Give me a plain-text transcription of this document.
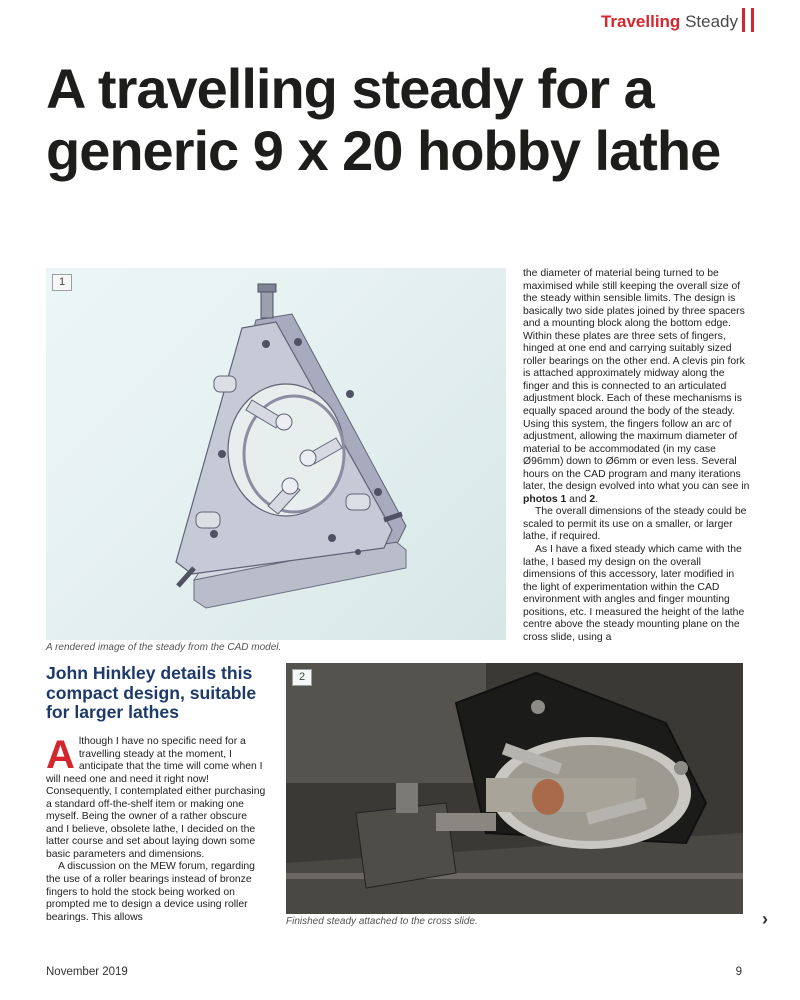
Travelling Steady
A travelling steady for a generic 9 x 20 hobby lathe
1
A rendered image of the steady from the CAD model.

the diameter of material being turned to be maximised while still keeping the overall size of the steady within sensible limits. The design is basically two side plates joined by three spacers and a mounting block along the bottom edge. Within these plates are three sets of fingers, hinged at one end and carrying suitably sized roller bearings on the other end. A clevis pin fork is attached approximately midway along the finger and this is connected to an articulated adjustment block. Each of these mechanisms is equally spaced around the body of the steady. Using this system, the fingers follow an arc of adjustment, allowing the maximum diameter of material to be accommodated (in my case Ø96mm) down to Ø6mm or even less. Several hours on the CAD program and many iterations later, the design evolved into what you can see in photos 1 and 2.

The overall dimensions of the steady could be scaled to permit its use on a smaller, or larger lathe, if required.

As I have a fixed steady which came with the lathe, I based my design on the overall dimensions of this accessory, later modified in the light of experimentation within the CAD environment with angles and finger mounting positions, etc. I measured the height of the lathe centre above the steady mounting plane on the cross slide, using a

John Hinkley details this compact design, suitable for larger lathes

Although I have no specific need for a travelling steady at the moment, I anticipate that the time will come when I will need one and need it right now! Consequently, I contemplated either purchasing a standard off-the-shelf item or making one myself. Being the owner of a rather obscure and I believe, obsolete lathe, I decided on the latter course and set about laying down some basic parameters and dimensions.

A discussion on the MEW forum, regarding the use of a roller bearings instead of bronze fingers to hold the stock being worked on prompted me to design a device using roller bearings. This allows

2
Finished steady attached to the cross slide.	›
November 2019	9
